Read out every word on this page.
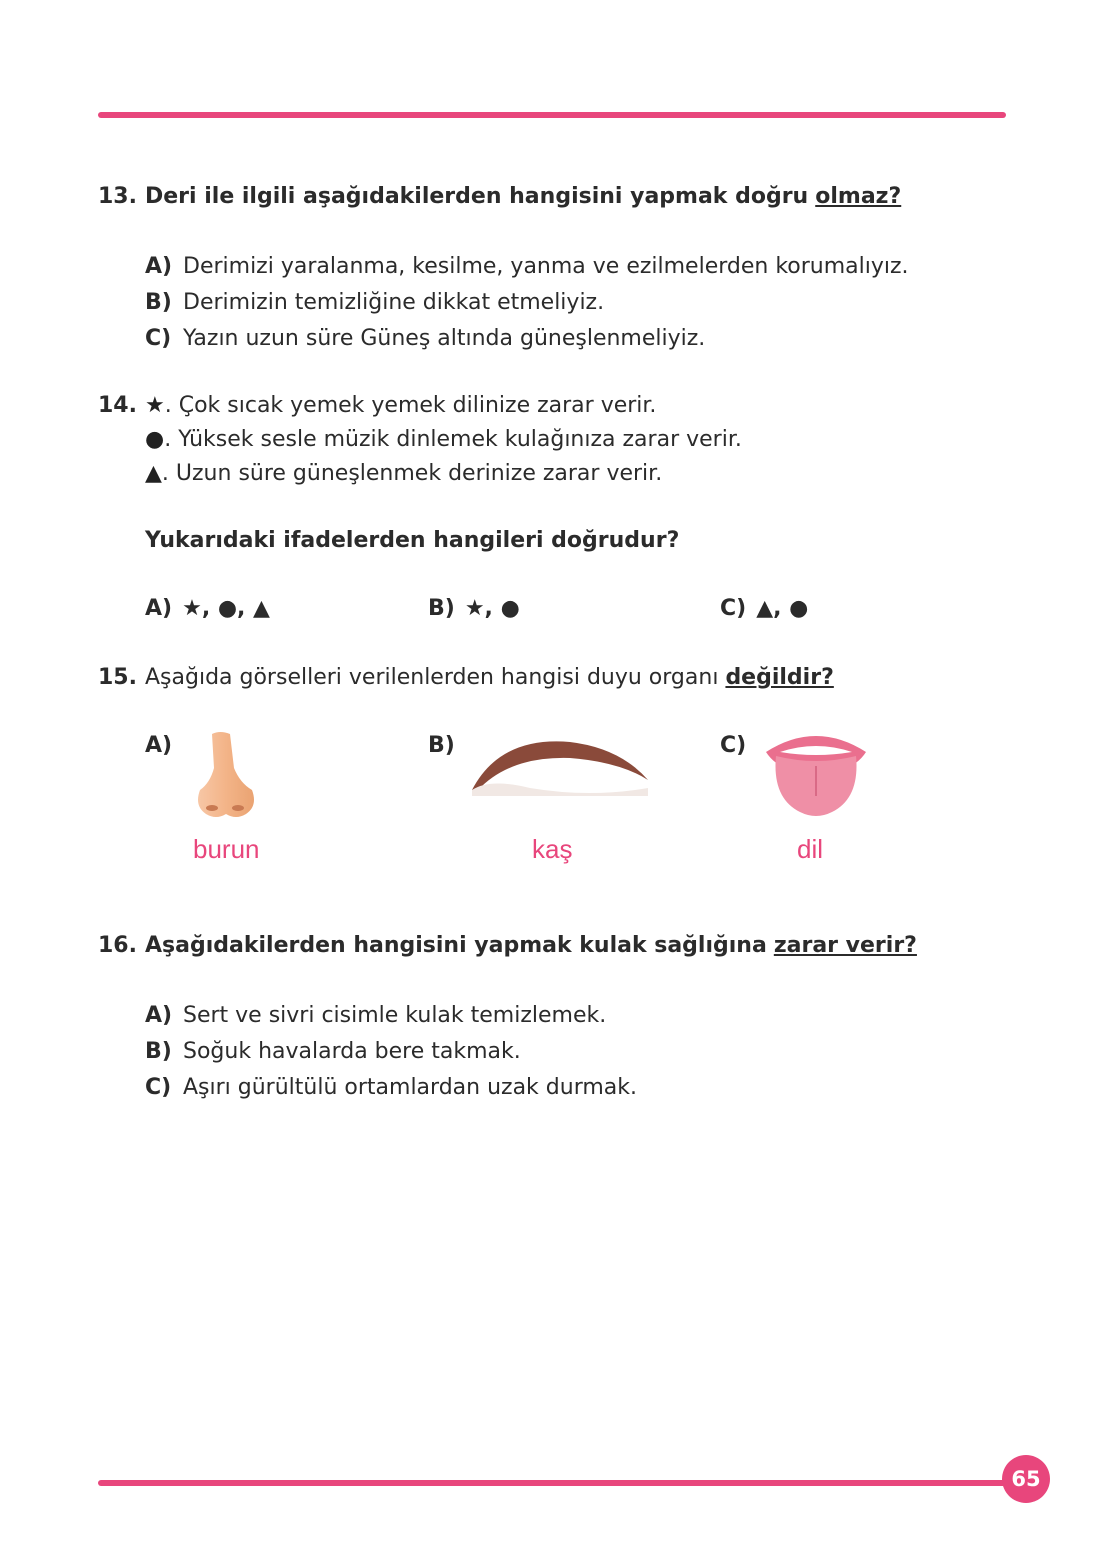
13. Deri ile ilgili aşağıdakilerden hangisini yapmak doğru olmaz?
A) Derimizi yaralanma, kesilme, yanma ve ezilmelerden korumalıyız.
B) Derimizin temizliğine dikkat etmeliyiz.
C) Yazın uzun süre Güneş altında güneşlenmeliyiz.
14. ★. Çok sıcak yemek yemek dilinize zarar verir.
●. Yüksek sesle müzik dinlemek kulağınıza zarar verir.
▲. Uzun süre güneşlenmek derinize zarar verir.
Yukarıdaki ifadelerden hangileri doğrudur?
A) ★, ●, ▲	B) ★, ●	C) ▲, ●
15. Aşağıda görselleri verilenlerden hangisi duyu organı değildir?
A)
burun
B)
kaş
C)
dil
16. Aşağıdakilerden hangisini yapmak kulak sağlığına zarar verir?
A) Sert ve sivri cisimle kulak temizlemek.
B) Soğuk havalarda bere takmak.
C) Aşırı gürültülü ortamlardan uzak durmak.
65
